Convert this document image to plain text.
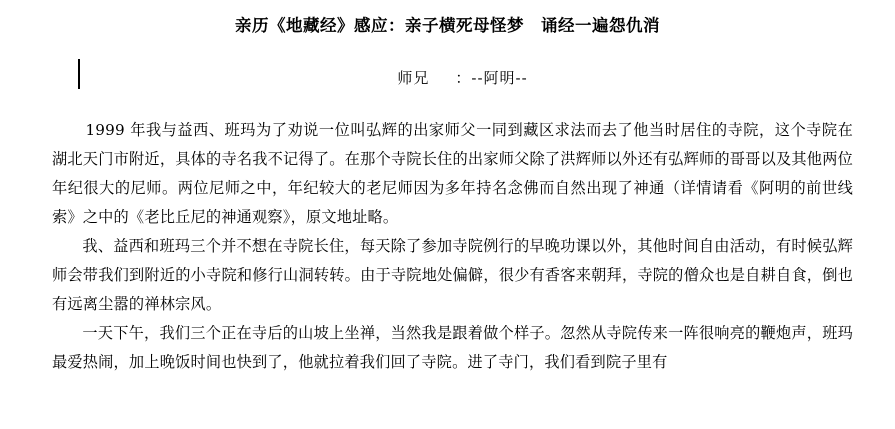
亲历《地藏经》感应：亲子横死母怪梦　诵经一遍怨仇消
师兄 ：--阿明--

1999 年我与益西、班玛为了劝说一位叫弘辉的出家师父一同到藏区求法而去了他当时居住的寺院，这个寺院在湖北天门市附近，具体的寺名我不记得了。在那个寺院长住的出家师父除了洪辉师以外还有弘辉师的哥哥以及其他两位年纪很大的尼师。两位尼师之中，年纪较大的老尼师因为多年持名念佛而自然出现了神通（详情请看《阿明的前世线索》之中的《老比丘尼的神通观察》，原文地址略。

我、益西和班玛三个并不想在寺院长住，每天除了参加寺院例行的早晚功课以外，其他时间自由活动，有时候弘辉师会带我们到附近的小寺院和修行山洞转转。由于寺院地处偏僻，很少有香客来朝拜，寺院的僧众也是自耕自食，倒也有远离尘嚣的禅林宗风。

一天下午，我们三个正在寺后的山坡上坐禅，当然我是跟着做个样子。忽然从寺院传来一阵很响亮的鞭炮声，班玛最爱热闹，加上晚饭时间也快到了，他就拉着我们回了寺院。进了寺门，我们看到院子里有
